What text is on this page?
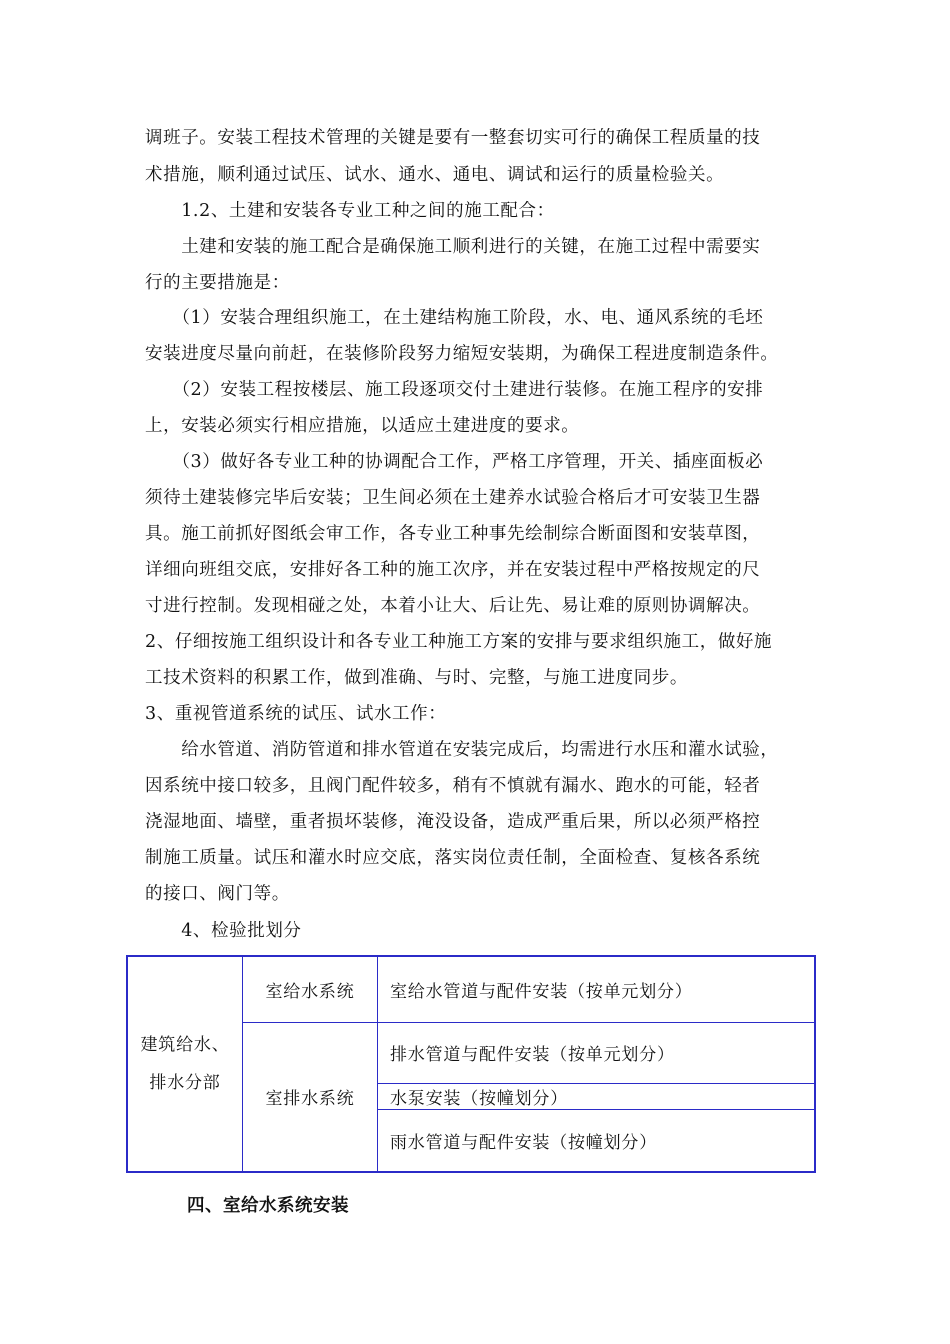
调班子。安装工程技术管理的关键是要有一整套切实可行的确保工程质量的技
术措施，顺利通过试压、试水、通水、通电、调试和运行的质量检验关。
　　1.2、土建和安装各专业工种之间的施工配合：
　　土建和安装的施工配合是确保施工顺利进行的关键，在施工过程中需要实
行的主要措施是：
　　（1）安装合理组织施工，在土建结构施工阶段，水、电、通风系统的毛坯
安装进度尽量向前赶，在装修阶段努力缩短安装期，为确保工程进度制造条件。
　　（2）安装工程按楼层、施工段逐项交付土建进行装修。在施工程序的安排
上，安装必须实行相应措施，以适应土建进度的要求。
　　（3）做好各专业工种的协调配合工作，严格工序管理，开关、插座面板必
须待土建装修完毕后安装；卫生间必须在土建养水试验合格后才可安装卫生器
具。施工前抓好图纸会审工作，各专业工种事先绘制综合断面图和安装草图，
详细向班组交底，安排好各工种的施工次序，并在安装过程中严格按规定的尺
寸进行控制。发现相碰之处，本着小让大、后让先、易让难的原则协调解决。
2、仔细按施工组织设计和各专业工种施工方案的安排与要求组织施工，做好施
工技术资料的积累工作，做到准确、与时、完整，与施工进度同步。
3、重视管道系统的试压、试水工作：
　　给水管道、消防管道和排水管道在安装完成后，均需进行水压和灌水试验，
因系统中接口较多，且阀门配件较多，稍有不慎就有漏水、跑水的可能，轻者
浇湿地面、墙壁，重者损坏装修，淹没设备，造成严重后果，所以必须严格控
制施工质量。试压和灌水时应交底，落实岗位责任制，全面检查、复核各系统
的接口、阀门等。
　　4、检验批划分
建筑给水、排水分部	室给水系统	室给水管道与配件安装（按单元划分）
	室排水系统	排水管道与配件安装（按单元划分）
		水泵安装（按幢划分）
		雨水管道与配件安装（按幢划分）
四、室给水系统安装
